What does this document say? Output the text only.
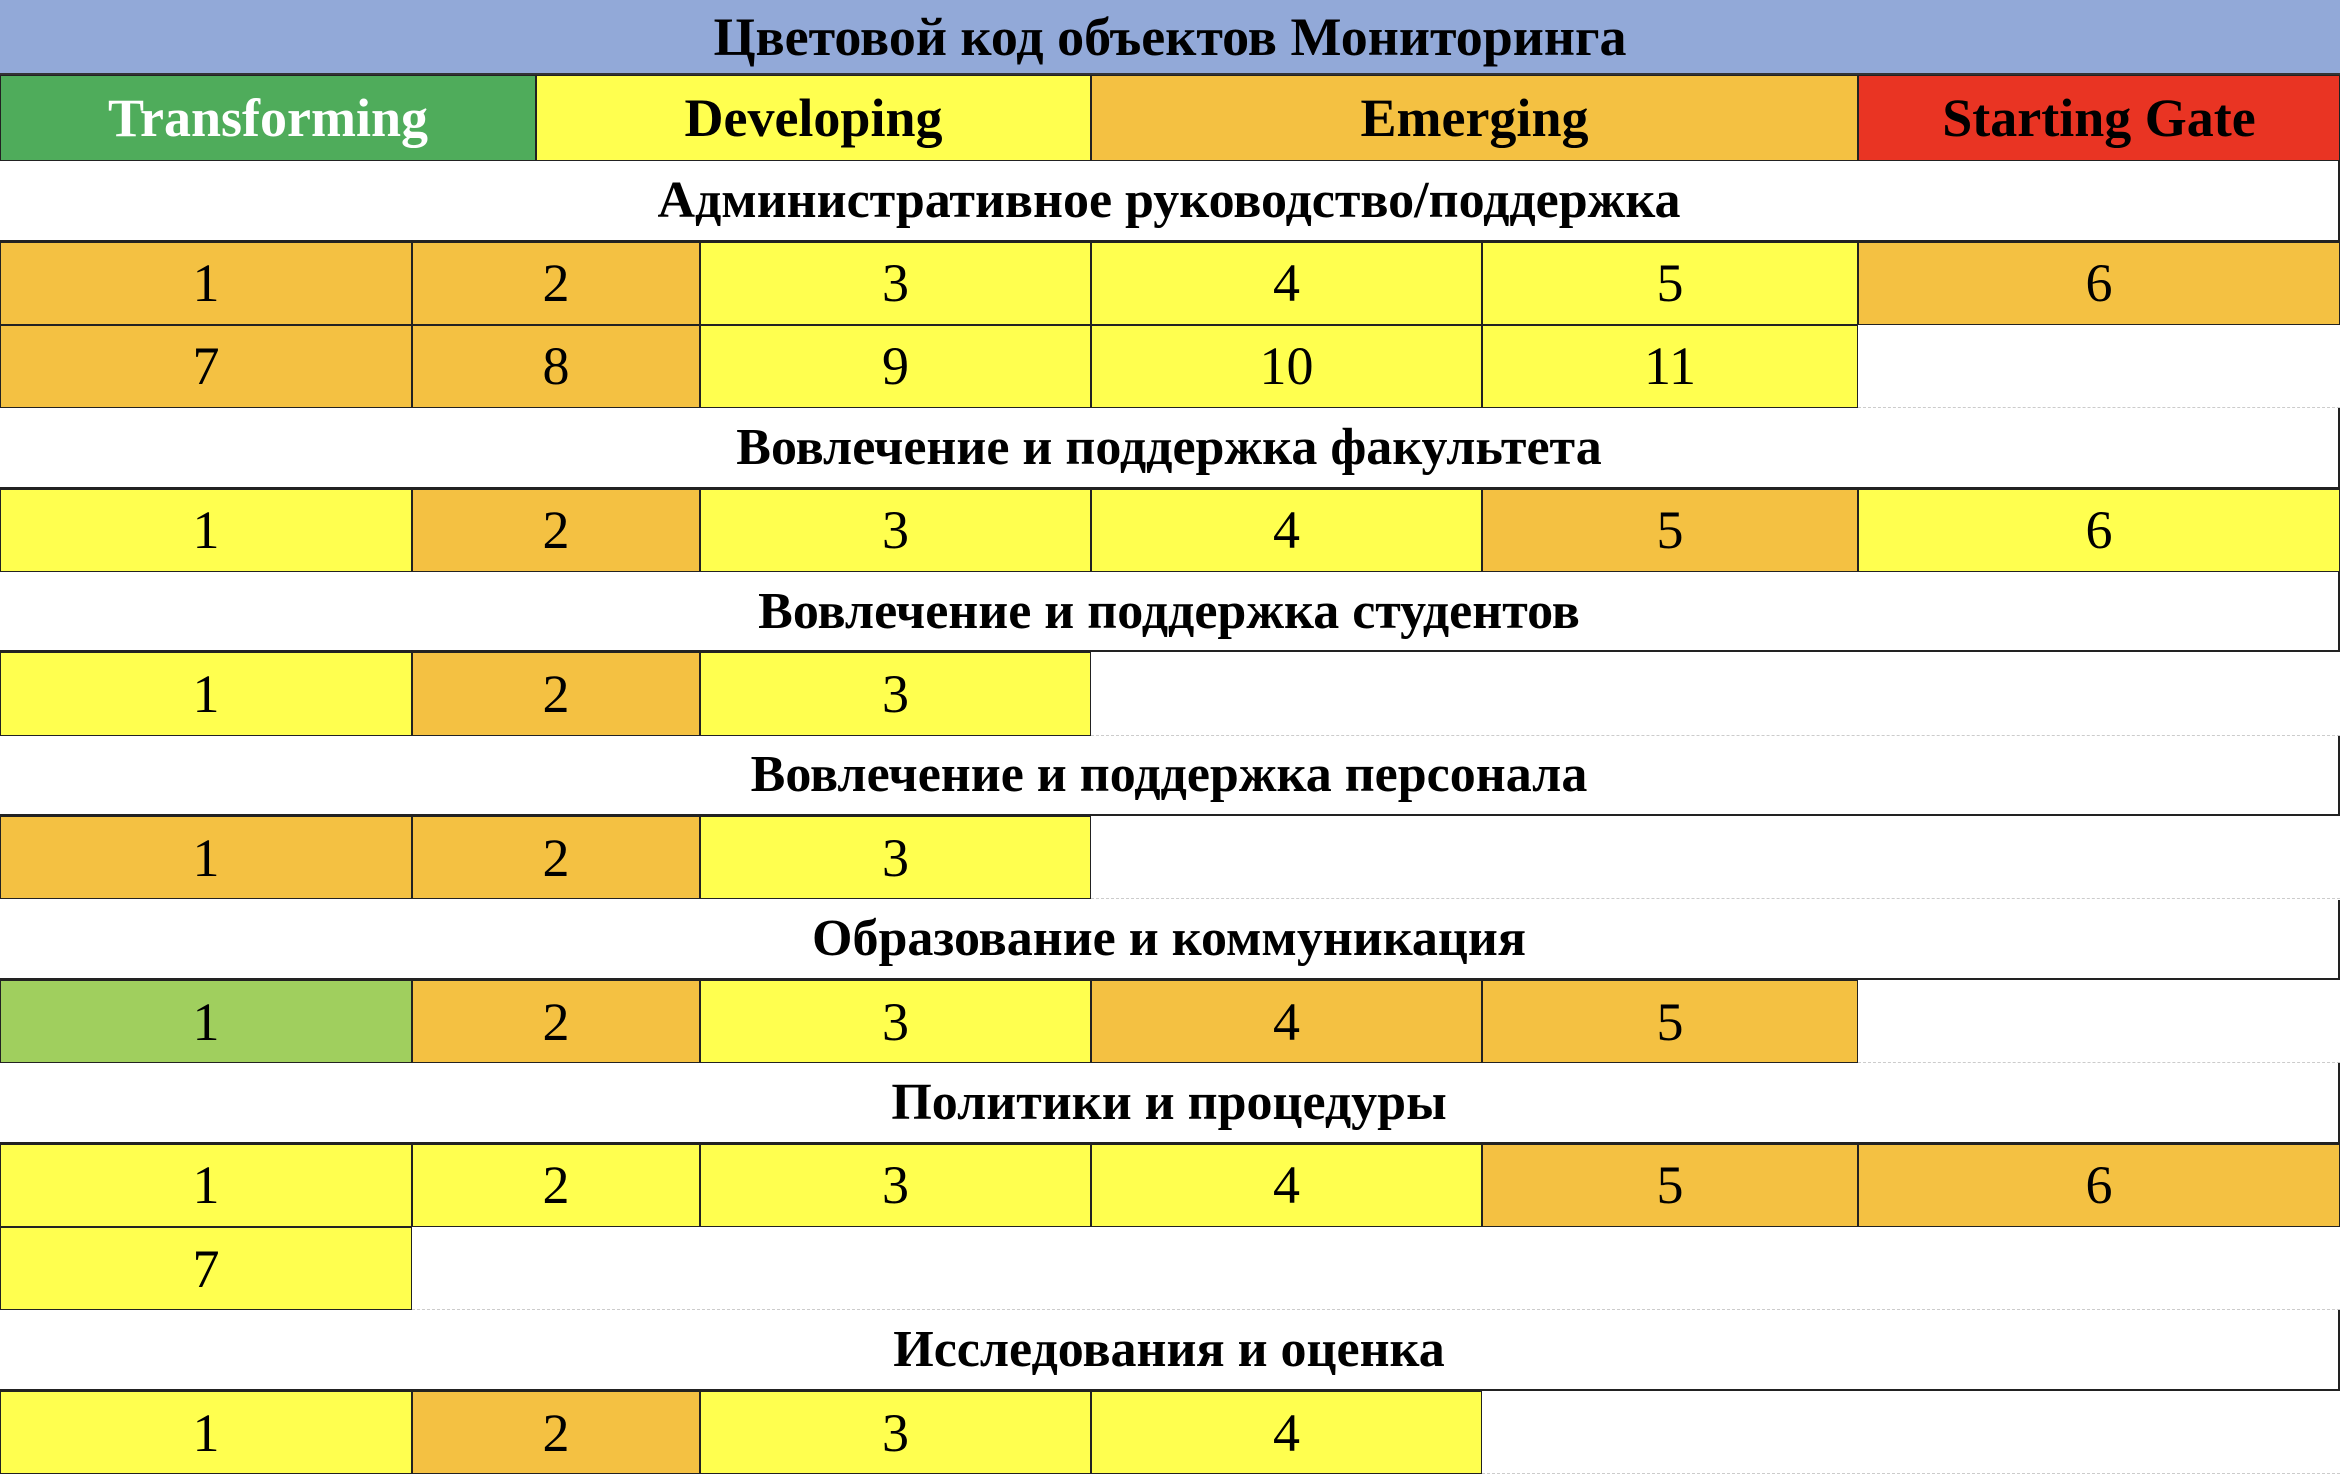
Цветовой код объектов Мониторинга
Transforming	Developing	Emerging	Starting Gate
Административное руководство/поддержка
1	2	3	4	5	6
7	8	9	10	11
Вовлечение и поддержка факультета
1	2	3	4	5	6
Вовлечение и поддержка студентов
1	2	3
Вовлечение и поддержка персонала
1	2	3
Образование и коммуникация
1	2	3	4	5
Политики и процедуры
1	2	3	4	5	6
7
Исследования и оценка
1	2	3	4
